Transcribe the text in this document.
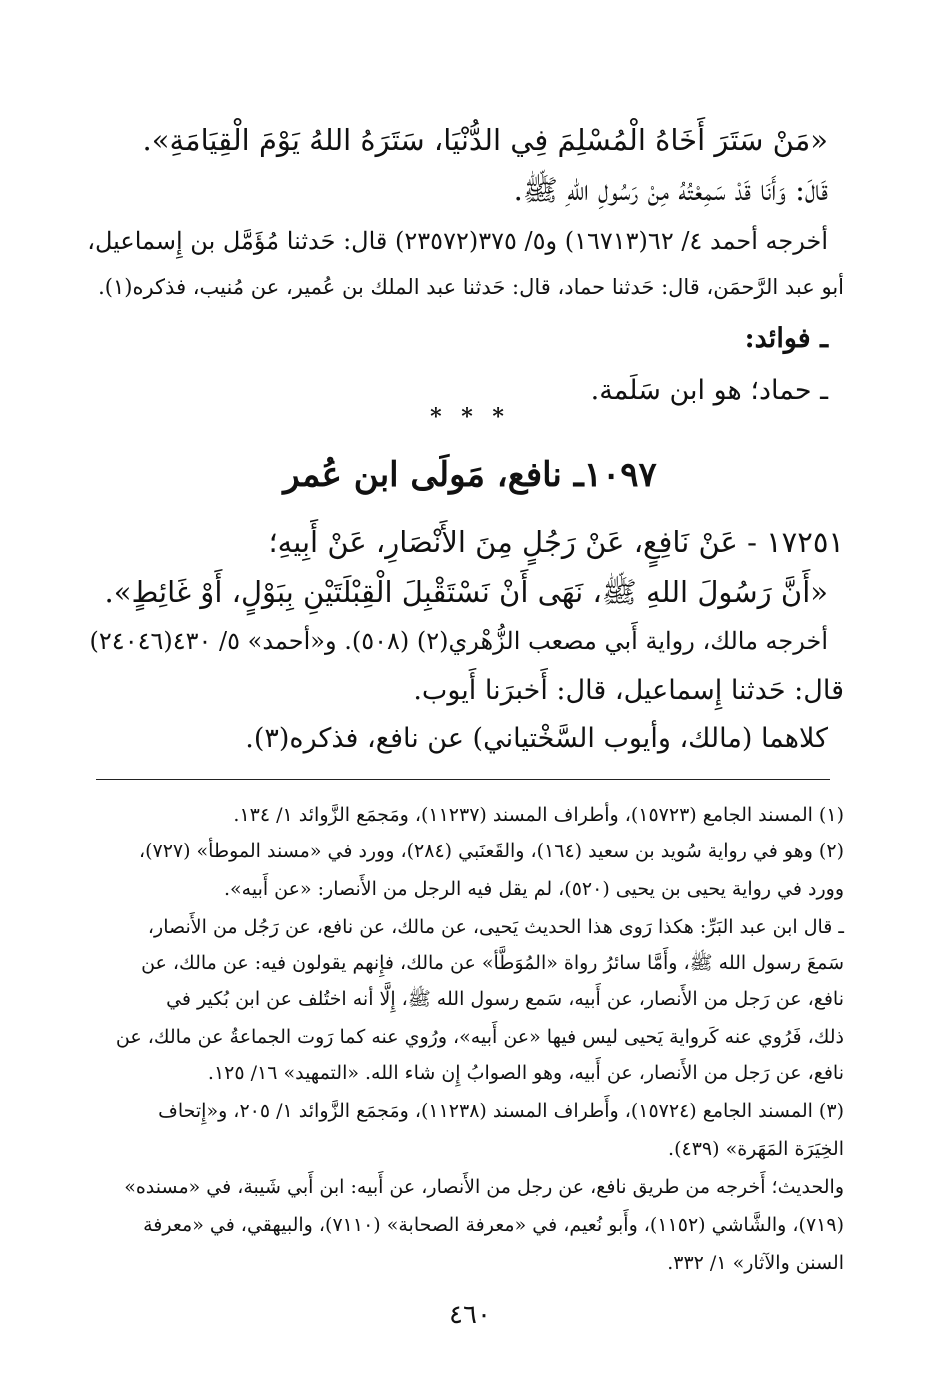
«مَنْ سَتَرَ أَخَاهُ الْمُسْلِمَ فِي الدُّنْيَا، سَتَرَهُ اللهُ يَوْمَ الْقِيَامَةِ».
قَالَ: وَأَنَا قَدْ سَمِعْتُهُ مِنْ رَسُولِ اللهِ ﷺ.
أخرجه أحمد ٤/ ٦٢(١٦٧١٣) و٥/ ٣٧٥(٢٣٥٧٢) قال: حَدثنا مُؤَمَّل بن إِسماعيل،
أبو عبد الرَّحمَن، قال: حَدثنا حماد، قال: حَدثنا عبد الملك بن عُمير، عن مُنيب، فذكره(١).
ـ فوائد:
ـ حماد؛ هو ابن سَلَمة.
* * *
١٠٩٧ـ نافع، مَولَى ابن عُمر
١٧٢٥١ - عَنْ نَافِعٍ، عَنْ رَجُلٍ مِنَ الأَنْصَارِ، عَنْ أَبِيهِ؛
«أَنَّ رَسُولَ اللهِ ﷺ، نَهَى أَنْ نَسْتَقْبِلَ الْقِبْلَتَيْنِ بِبَوْلٍ، أَوْ غَائِطٍ».
أخرجه مالك، رواية أَبي مصعب الزُّهْري(٢) (٥٠٨). و«أحمد» ٥/ ٤٣٠(٢٤٠٤٦)
قال: حَدثنا إِسماعيل، قال: أَخبرَنا أَيوب.
كلاهما (مالك، وأيوب السَّخْتياني) عن نافع، فذكره(٣).
(١) المسند الجامع (١٥٧٢٣)، وأطراف المسند (١١٢٣٧)، ومَجمَع الزَّوائد ١/ ١٣٤.
(٢) وهو في رواية سُويد بن سعيد (١٦٤)، والقَعنَبي (٢٨٤)، وورد في «مسند الموطأ» (٧٢٧)،
وورد في رواية يحيى بن يحيى (٥٢٠)، لم يقل فيه الرجل من الأَنصار: «عن أَبيه».
ـ قال ابن عبد البَرِّ: هكذا رَوى هذا الحديث يَحيى، عن مالك، عن نافع، عن رَجُل من الأَنصار،
سَمعَ رسول الله ﷺ، وأَمَّا سائرُ رواة «المُوَطَّأ» عن مالك، فإِنهم يقولون فيه: عن مالك، عن
نافع، عن رَجل من الأَنصار، عن أَبيه، سَمع رسول الله ﷺ، إِلَّا أنه اختُلف عن ابن بُكير في
ذلك، فَرُوي عنه كَرواية يَحيى ليس فيها «عن أَبيه»، ورُوي عنه كما رَوت الجماعةُ عن مالك، عن
نافع، عن رَجل من الأَنصار، عن أَبيه، وهو الصوابُ إِن شاء الله. «التمهيد» ١٦/ ١٢٥.
(٣) المسند الجامع (١٥٧٢٤)، وأَطراف المسند (١١٢٣٨)، ومَجمَع الزَّوائد ١/ ٢٠٥، و«إِتحاف
الخِيَرَة المَهَرة» (٤٣٩).
والحديث؛ أَخرجه من طريق نافع، عن رجل من الأَنصار، عن أَبيه: ابن أَبي شَيبة، في «مسنده»
(٧١٩)، والشَّاشي (١١٥٢)، وأَبو نُعيم، في «معرفة الصحابة» (٧١١٠)، والبيهقي، في «معرفة
السنن والآثار» ١/ ٣٣٢.
٤٦٠
